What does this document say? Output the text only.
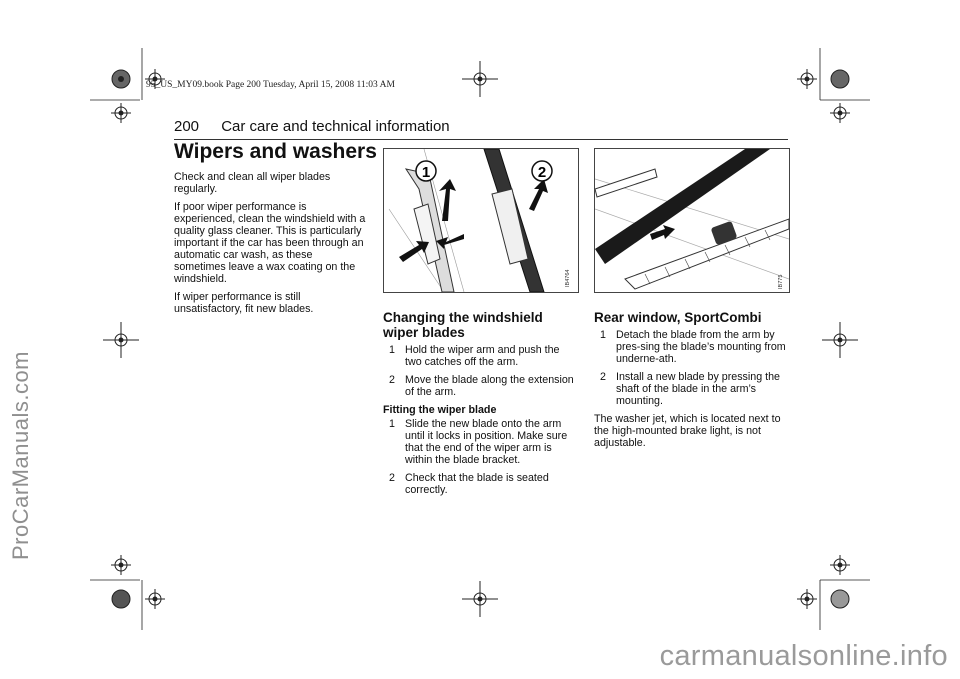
ProCarManuals.com
95_US_MY09.book Page 200 Tuesday, April 15, 2008 11:03 AM
200 Car care and technical information
Wipers and washers

Check and clean all wiper blades regularly.

If poor wiper performance is experienced, clean the windshield with a quality glass cleaner. This is particularly important if the car has been through an automatic car wash, as these sometimes leave a wax coating on the windshield.

If wiper performance is still unsatisfactory, fit new blades.

1	2
IB4764	IB775
Changing the windshield wiper blades
1 Hold the wiper arm and push the two catches off the arm.
2 Move the blade along the extension of the arm.
Fitting the wiper blade
1 Slide the new blade onto the arm until it locks in position. Make sure that the end of the wiper arm is within the blade bracket.
2 Check that the blade is seated correctly.
Rear window, SportCombi
1 Detach the blade from the arm by pres-sing the blade’s mounting from underne-ath.
2 Install a new blade by pressing the shaft of the blade in the arm’s mounting.

The washer jet, which is located next to the high-mounted brake light, is not adjustable.

carmanualsonline.info
